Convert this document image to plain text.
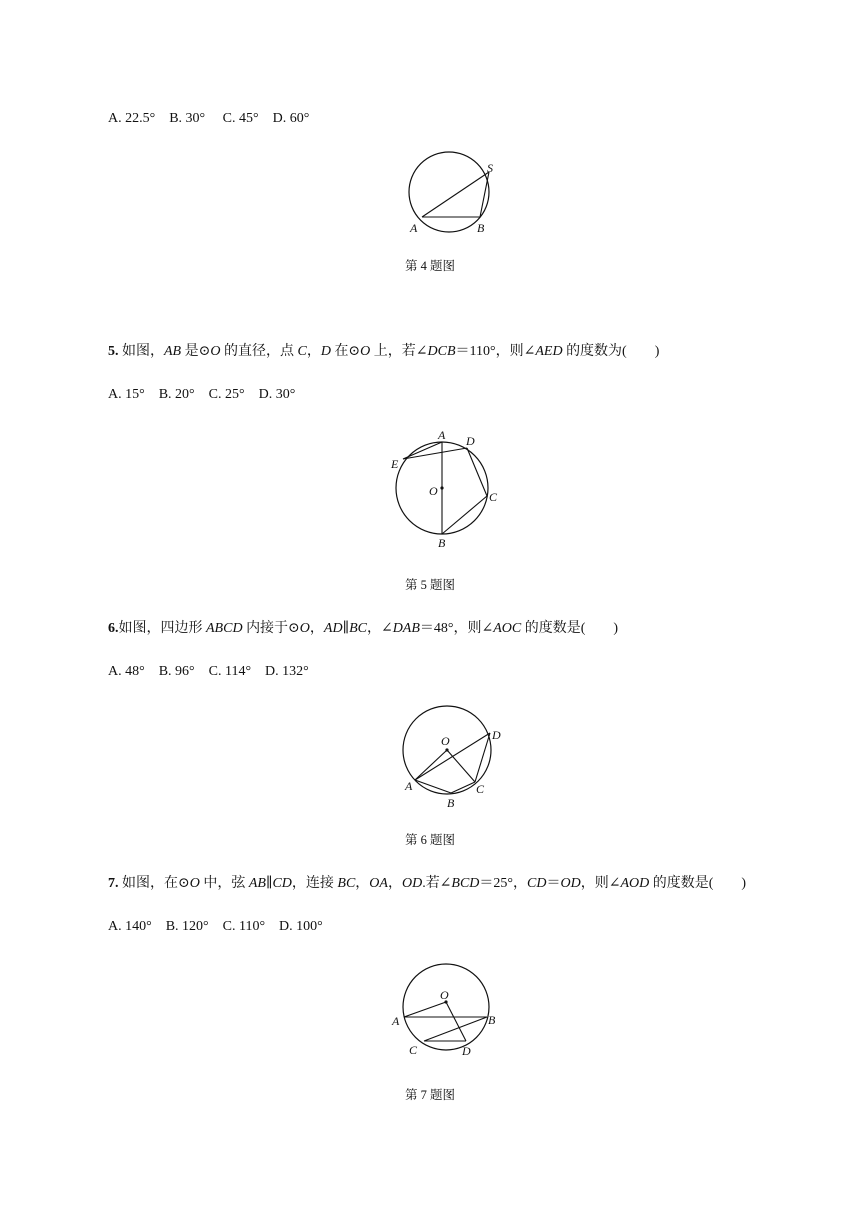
A. 22.5°　B. 30°　 C. 45°　D. 60°
S
A	B
第 4 题图
5. 如图，AB 是⊙O 的直径，点 C，D 在⊙O 上，若∠DCB＝110°，则∠AED 的度数为(　　)
A. 15°　B. 20°　C. 25°　D. 30°
A D
E
O	C
B
第 5 题图
6.如图，四边形 ABCD 内接于⊙O，AD∥BC，∠DAB＝48°，则∠AOC 的度数是(　　)
A. 48°　B. 96°　C. 114°　D. 132°
O	D
A
B
C
第 6 题图
7. 如图，在⊙O 中，弦 AB∥CD，连接 BC，OA，OD.若∠BCD＝25°，CD＝OD，则∠AOD 的度数是(　　)
A. 140°　B. 120°　C. 110°　D. 100°
O
A	B
C	D
第 7 题图
